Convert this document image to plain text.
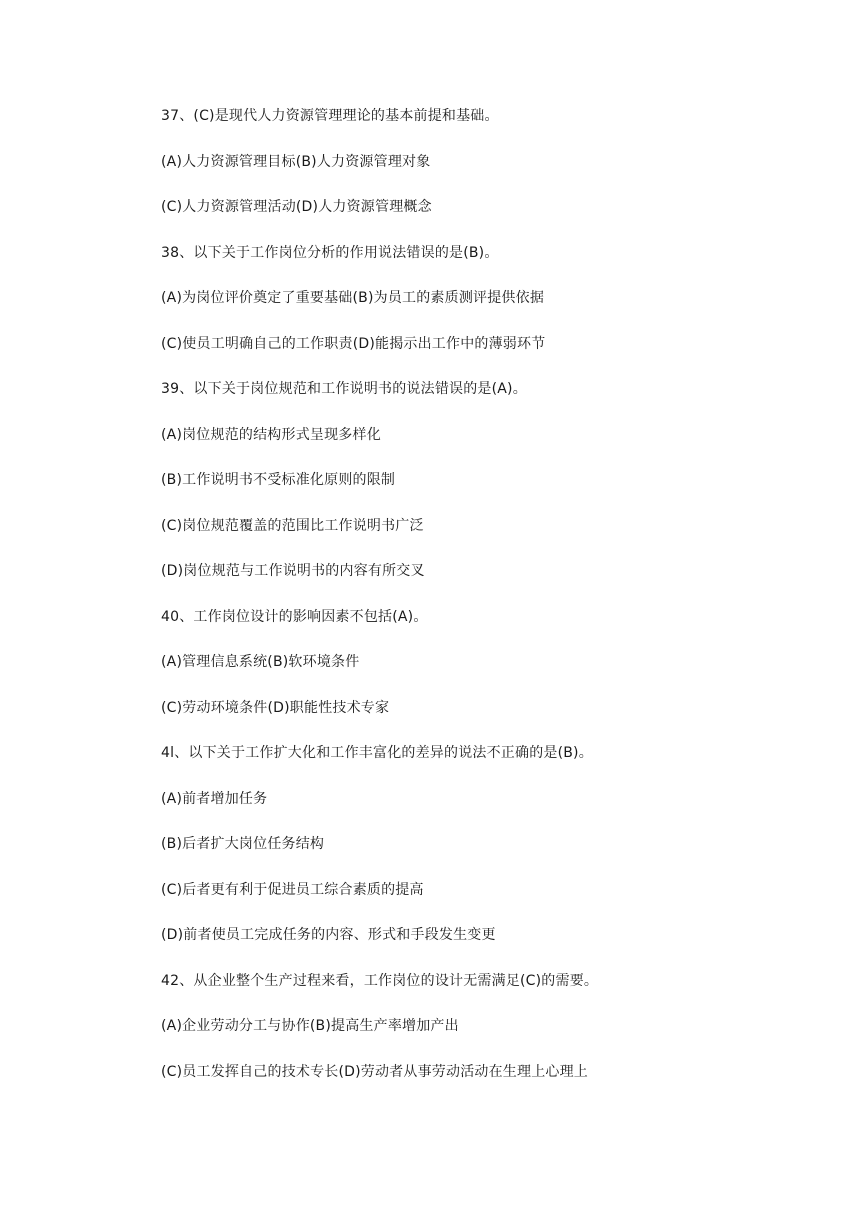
37、(C)是现代人力资源管理理论的基本前提和基础。
(A)人力资源管理目标(B)人力资源管理对象
(C)人力资源管理活动(D)人力资源管理概念
38、以下关于工作岗位分析的作用说法错误的是(B)。
(A)为岗位评价奠定了重要基础(B)为员工的素质测评提供依据
(C)使员工明确自己的工作职责(D)能揭示出工作中的薄弱环节
39、以下关于岗位规范和工作说明书的说法错误的是(A)。
(A)岗位规范的结构形式呈现多样化
(B)工作说明书不受标准化原则的限制
(C)岗位规范覆盖的范围比工作说明书广泛
(D)岗位规范与工作说明书的内容有所交叉
40、工作岗位设计的影响因素不包括(A)。
(A)管理信息系统(B)软环境条件
(C)劳动环境条件(D)职能性技术专家
4l、以下关于工作扩大化和工作丰富化的差异的说法不正确的是(B)。
(A)前者增加任务
(B)后者扩大岗位任务结构
(C)后者更有利于促进员工综合素质的提高
(D)前者使员工完成任务的内容、形式和手段发生变更
42、从企业整个生产过程来看，工作岗位的设计无需满足(C)的需要。
(A)企业劳动分工与协作(B)提高生产率增加产出
(C)员工发挥自己的技术专长(D)劳动者从事劳动活动在生理上心理上
